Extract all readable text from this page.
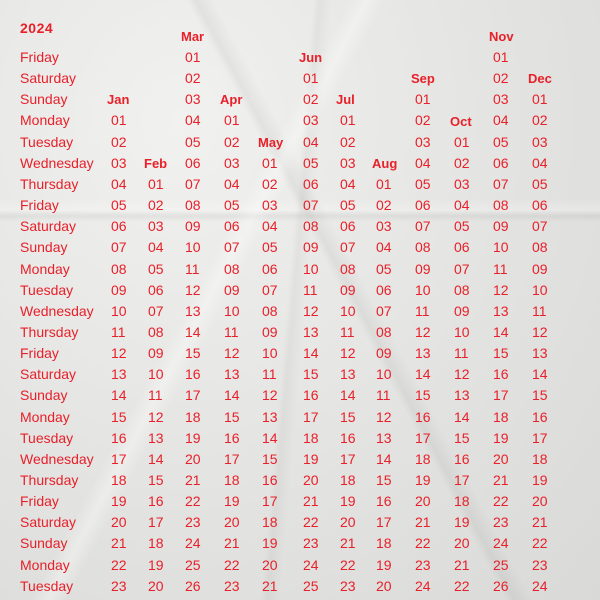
2024
Friday
Saturday
Sunday
Monday
Tuesday
Wednesday
Thursday
Friday
Saturday
Sunday
Monday
Tuesday
Wednesday
Thursday
Friday
Saturday
Sunday
Monday
Tuesday
Wednesday
Thursday
Friday
Saturday
Sunday
Monday
Tuesday
Jan
01
02
03
04
05
06
07
08
09
10
11
12
13
14
15
16
17
18
19
20
21
22
23
Feb
01
02
03
04
05
06
07
08
09
10
11
12
13
14
15
16
17
18
19
20
Mar
01
02
03
04
05
06
07
08
09
10
11
12
13
14
15
16
17
18
19
20
21
22
23
24
25
26
Apr
01
02
03
04
05
06
07
08
09
10
11
12
13
14
15
16
17
18
19
20
21
22
23
May
01
02
03
04
05
06
07
08
09
10
11
12
13
14
15
16
17
18
19
20
21
Jun
01
02
03
04
05
06
07
08
09
10
11
12
13
14
15
16
17
18
19
20
21
22
23
24
25
Jul
01
02
03
04
05
06
07
08
09
10
11
12
13
14
15
16
17
18
19
20
21
22
23
Aug
01
02
03
04
05
06
07
08
09
10
11
12
13
14
15
16
17
18
19
20
Sep
01
02
03
04
05
06
07
08
09
10
11
12
13
14
15
16
17
18
19
20
21
22
23
24
Oct
01
02
03
04
05
06
07
08
09
10
11
12
13
14
15
16
17
18
19
20
21
22
Nov
01
02
03
04
05
06
07
08
09
10
11
12
13
14
15
16
17
18
19
20
21
22
23
24
25
26
Dec
01
02
03
04
05
06
07
08
09
10
11
12
13
14
15
16
17
18
19
20
21
22
23
24
